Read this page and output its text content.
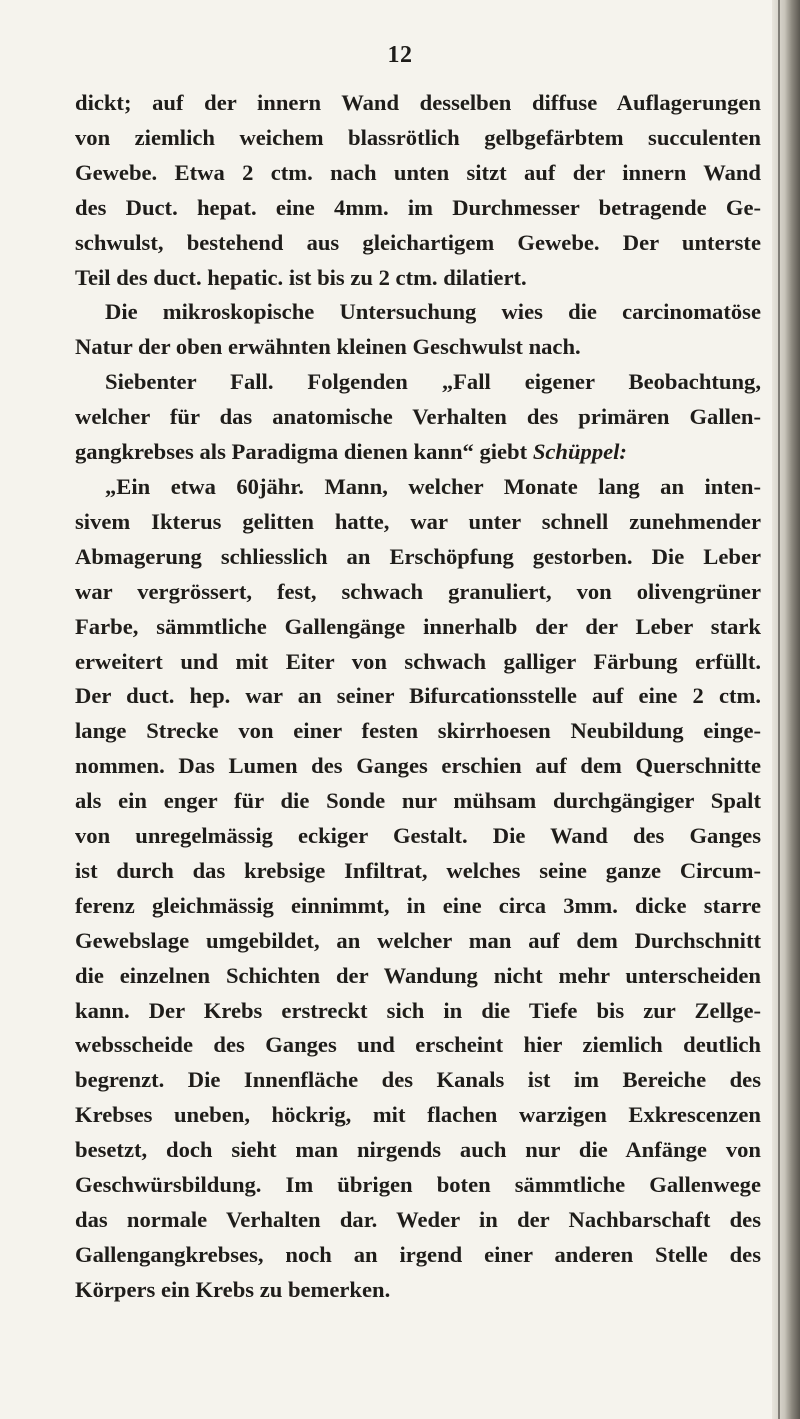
12
dickt; auf der innern Wand desselben diffuse Auflagerungen
von ziemlich weichem blassrötlich gelbgefärbtem succulenten
Gewebe. Etwa 2 ctm. nach unten sitzt auf der innern Wand
des Duct. hepat. eine 4mm. im Durchmesser betragende Ge-
schwulst, bestehend aus gleichartigem Gewebe. Der unterste
Teil des duct. hepatic. ist bis zu 2 ctm. dilatiert.
Die mikroskopische Untersuchung wies die carcinomatöse
Natur der oben erwähnten kleinen Geschwulst nach.
Siebenter Fall. Folgenden „Fall eigener Beobachtung,
welcher für das anatomische Verhalten des primären Gallen-
gangkrebses als Paradigma dienen kann“ giebt Schüppel:
„Ein etwa 60jähr. Mann, welcher Monate lang an inten-
sivem Ikterus gelitten hatte, war unter schnell zunehmender
Abmagerung schliesslich an Erschöpfung gestorben. Die Leber
war vergrössert, fest, schwach granuliert, von olivengrüner
Farbe, sämmtliche Gallengänge innerhalb der der Leber stark
erweitert und mit Eiter von schwach galliger Färbung erfüllt.
Der duct. hep. war an seiner Bifurcationsstelle auf eine 2 ctm.
lange Strecke von einer festen skirrhoesen Neubildung einge-
nommen. Das Lumen des Ganges erschien auf dem Querschnitte
als ein enger für die Sonde nur mühsam durchgängiger Spalt
von unregelmässig eckiger Gestalt. Die Wand des Ganges
ist durch das krebsige Infiltrat, welches seine ganze Circum-
ferenz gleichmässig einnimmt, in eine circa 3mm. dicke starre
Gewebslage umgebildet, an welcher man auf dem Durchschnitt
die einzelnen Schichten der Wandung nicht mehr unterscheiden
kann. Der Krebs erstreckt sich in die Tiefe bis zur Zellge-
websscheide des Ganges und erscheint hier ziemlich deutlich
begrenzt. Die Innenfläche des Kanals ist im Bereiche des
Krebses uneben, höckrig, mit flachen warzigen Exkrescenzen
besetzt, doch sieht man nirgends auch nur die Anfänge von
Geschwürsbildung. Im übrigen boten sämmtliche Gallenwege
das normale Verhalten dar. Weder in der Nachbarschaft des
Gallengangkrebses, noch an irgend einer anderen Stelle des
Körpers ein Krebs zu bemerken.
